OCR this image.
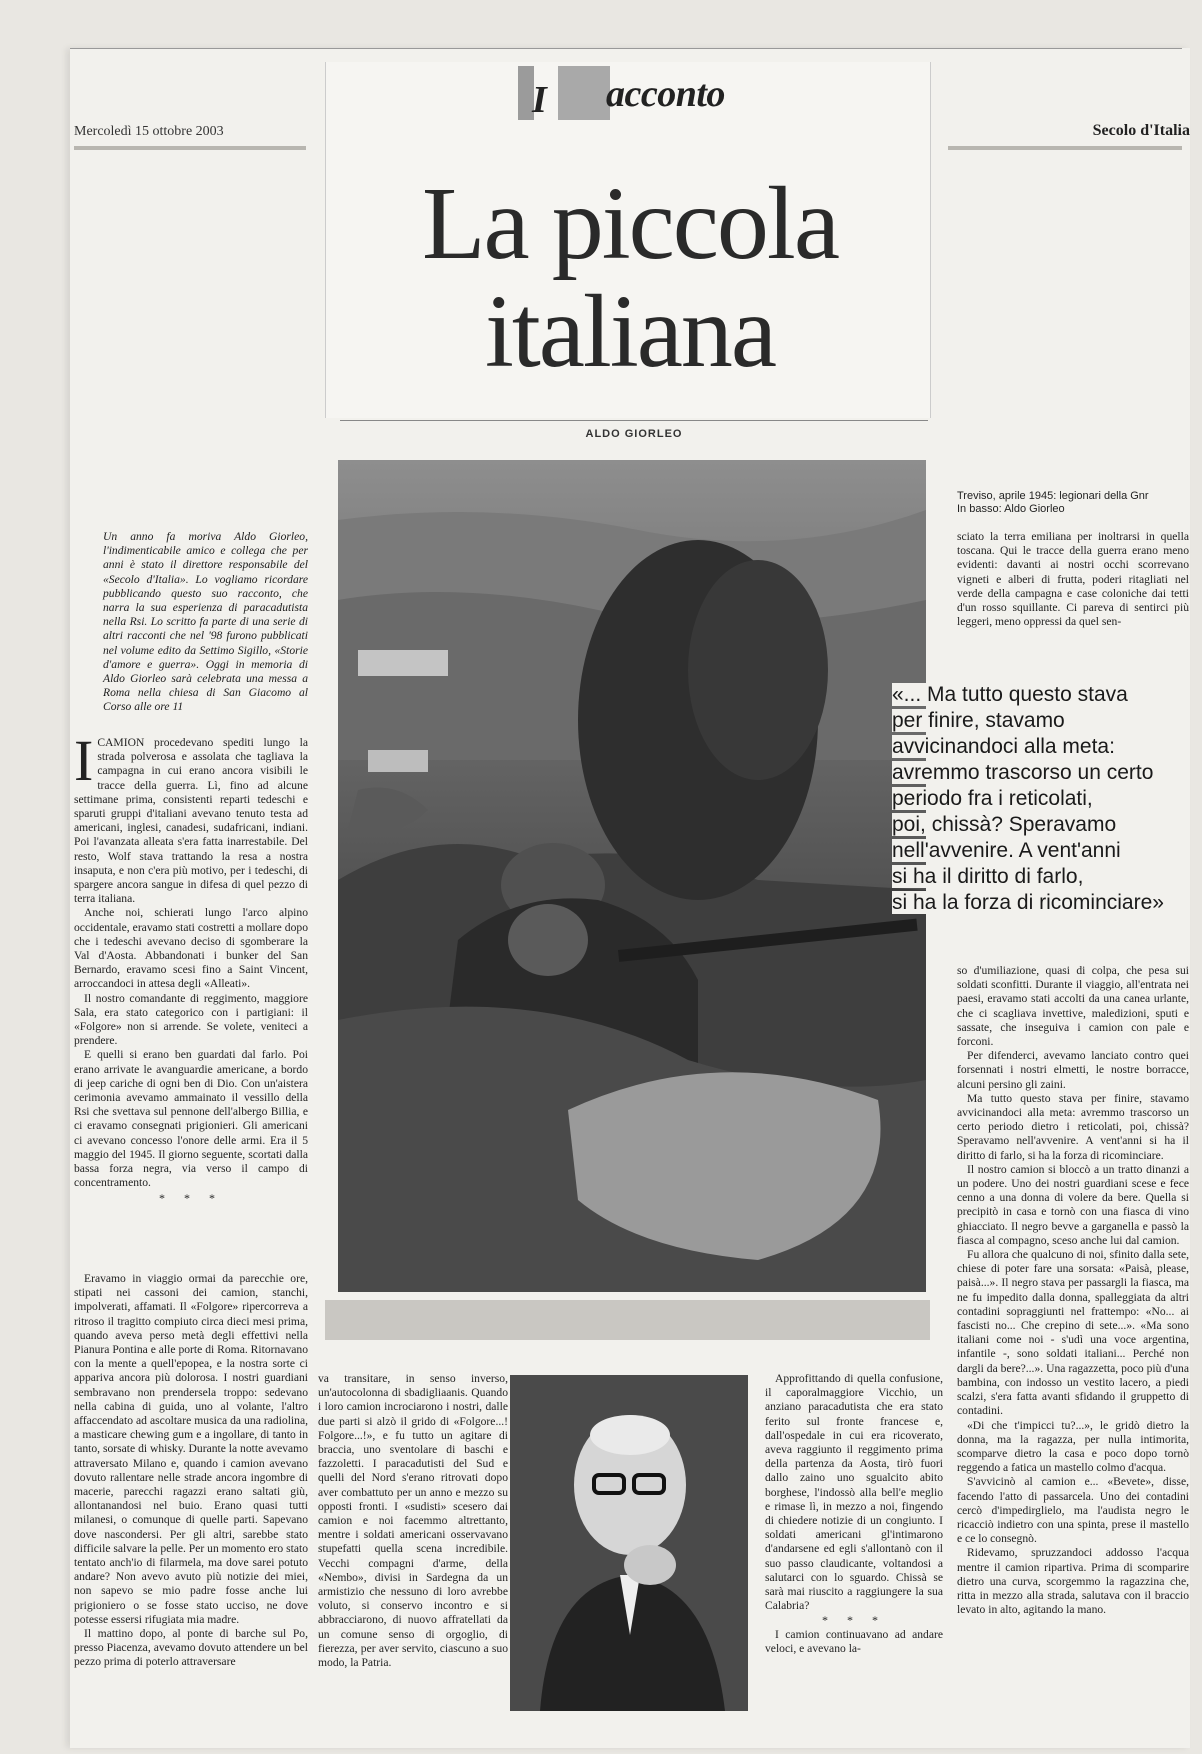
Mercoledì 15 ottobre 2003	Secolo d'Italia
I acconto
La piccola italiana
ALDO GIORLEO
Treviso, aprile 1945: legionari della Gnr
In basso: Aldo Giorleo
Un anno fa moriva Aldo Giorleo, l'indimenticabile amico e collega che per anni è stato il direttore responsabile del «Secolo d'Italia». Lo vogliamo ricordare pubblicando questo suo racconto, che narra la sua esperienza di paracadutista nella Rsi. Lo scritto fa parte di una serie di altri racconti che nel '98 furono pubblicati nel volume edito da Settimo Sigillo, «Storie d'amore e guerra». Oggi in memoria di Aldo Giorleo sarà celebrata una messa a Roma nella chiesa di San Giacomo al Corso alle ore 11
I CAMION procedevano spediti lungo la strada polverosa e assolata che tagliava la campagna in cui erano ancora visibili le tracce della guerra. Lì, fino ad alcune settimane prima, consistenti reparti tedeschi e sparuti gruppi d'italiani avevano tenuto testa ad americani, inglesi, canadesi, sudafricani, indiani. Poi l'avanzata alleata s'era fatta inarrestabile. Del resto, Wolf stava trattando la resa a nostra insaputa, e non c'era più motivo, per i tedeschi, di spargere ancora sangue in difesa di quel pezzo di terra italiana.

Anche noi, schierati lungo l'arco alpino occidentale, eravamo stati costretti a mollare dopo che i tedeschi avevano deciso di sgomberare la Val d'Aosta. Abbandonati i bunker del San Bernardo, eravamo scesi fino a Saint Vincent, arroccandoci in attesa degli «Alleati».

Il nostro comandante di reggimento, maggiore Sala, era stato categorico con i partigiani: il «Folgore» non si arrende. Se volete, veniteci a prendere.

E quelli si erano ben guardati dal farlo. Poi erano arrivate le avanguardie americane, a bordo di jeep cariche di ogni ben di Dio. Con un'aistera cerimonia avevamo ammainato il vessillo della Rsi che svettava sul pennone dell'albergo Billia, e ci eravamo consegnati prigionieri. Gli americani ci avevano concesso l'onore delle armi. Era il 5 maggio del 1945. Il giorno seguente, scortati dalla bassa forza negra, via verso il campo di concentramento.

* * *

Eravamo in viaggio ormai da parecchie ore, stipati nei cassoni dei camion, stanchi, impolverati, affamati. Il «Folgore» ripercorreva a ritroso il tragitto compiuto circa dieci mesi prima, quando aveva perso metà degli effettivi nella Pianura Pontina e alle porte di Roma. Ritornavano con la mente a quell'epopea, e la nostra sorte ci appariva ancora più dolorosa. I nostri guardiani sembravano non prendersela troppo: sedevano nella cabina di guida, uno al volante, l'altro affaccendato ad ascoltare musica da una radiolina, a masticare chewing gum e a ingollare, di tanto in tanto, sorsate di whisky. Durante la notte avevamo attraversato Milano e, quando i camion avevano dovuto rallentare nelle strade ancora ingombre di macerie, parecchi ragazzi erano saltati giù, allontanandosi nel buio. Erano quasi tutti milanesi, o comunque di quelle parti. Sapevano dove nascondersi. Per gli altri, sarebbe stato difficile salvare la pelle. Per un momento ero stato tentato anch'io di filarmela, ma dove sarei potuto andare? Non avevo avuto più notizie dei miei, non sapevo se mio padre fosse anche lui prigioniero o se fosse stato ucciso, ne dove potesse essersi rifugiata mia madre.

Il mattino dopo, al ponte di barche sul Po, presso Piacenza, avevamo dovuto attendere un bel pezzo prima di poterlo attraversare

va transitare, in senso inverso, un'autocolonna di sbadigliaanis. Quando i loro camion incrociarono i nostri, dalle due parti si alzò il grido di «Folgore...! Folgore...!», e fu tutto un agitare di braccia, uno sventolare di baschi e fazzoletti. I paracadutisti del Sud e quelli del Nord s'erano ritrovati dopo aver combattuto per un anno e mezzo su opposti fronti. I «sudisti» scesero dai camion e noi facemmo altrettanto, mentre i soldati americani osservavano stupefatti quella scena incredibile. Vecchi compagni d'arme, della «Nembo», divisi in Sardegna da un armistizio che nessuno di loro avrebbe voluto, si conservo incontro e si abbracciarono, di nuovo affratellati da un comune senso di orgoglio, di fierezza, per aver servito, ciascuno a suo modo, la Patria.

Approfittando di quella confusione, il caporalmaggiore Vicchio, un anziano paracadutista che era stato ferito sul fronte francese e, dall'ospedale in cui era ricoverato, aveva raggiunto il reggimento prima della partenza da Aosta, tirò fuori dallo zaino uno sgualcito abito borghese, l'indossò alla bell'e meglio e rimase lì, in mezzo a noi, fingendo di chiedere notizie di un congiunto. I soldati americani gl'intimarono d'andarsene ed egli s'allontanò con il suo passo claudicante, voltandosi a salutarci con lo sguardo. Chissà se sarà mai riuscito a raggiungere la sua Calabria?

* * *

I camion continuavano ad andare veloci, e avevano la-

sciato la terra emiliana per inoltrarsi in quella toscana. Qui le tracce della guerra erano meno evidenti: davanti ai nostri occhi scorrevano vigneti e alberi di frutta, poderi ritagliati nel verde della campagna e case coloniche dai tetti d'un rosso squillante. Ci pareva di sentirci più leggeri, meno oppressi da quel sen-

«... Ma tutto questo stava
per finire, stavamo
avvicinandoci alla meta:
avremmo trascorso un certo
periodo fra i reticolati,
poi, chissà? Speravamo
nell'avvenire. A vent'anni
si ha il diritto di farlo,
si ha la forza di ricominciare»

so d'umiliazione, quasi di colpa, che pesa sui soldati sconfitti. Durante il viaggio, all'entrata nei paesi, eravamo stati accolti da una canea urlante, che ci scagliava invettive, maledizioni, sputi e sassate, che inseguiva i camion con pale e forconi.

Per difenderci, avevamo lanciato contro quei forsennati i nostri elmetti, le nostre borracce, alcuni persino gli zaini.

Ma tutto questo stava per finire, stavamo avvicinandoci alla meta: avremmo trascorso un certo periodo dietro i reticolati, poi, chissà? Speravamo nell'avvenire. A vent'anni si ha il diritto di farlo, si ha la forza di ricominciare.

Il nostro camion si bloccò a un tratto dinanzi a un podere. Uno dei nostri guardiani scese e fece cenno a una donna di volere da bere. Quella si precipitò in casa e tornò con una fiasca di vino ghiacciato. Il negro bevve a garganella e passò la fiasca al compagno, sceso anche lui dal camion.

Fu allora che qualcuno di noi, sfinito dalla sete, chiese di poter fare una sorsata: «Paisà, please, paisà...». Il negro stava per passargli la fiasca, ma ne fu impedito dalla donna, spalleggiata da altri contadini sopraggiunti nel frattempo: «No... ai fascisti no... Che crepino di sete...». «Ma sono italiani come noi - s'udì una voce argentina, infantile -, sono soldati italiani... Perché non dargli da bere?...». Una ragazzetta, poco più d'una bambina, con indosso un vestito lacero, a piedi scalzi, s'era fatta avanti sfidando il gruppetto di contadini.

«Di che t'impicci tu?...», le gridò dietro la donna, ma la ragazza, per nulla intimorita, scomparve dietro la casa e poco dopo tornò reggendo a fatica un mastello colmo d'acqua.

S'avvicinò al camion e... «Bevete», disse, facendo l'atto di passarcela. Uno dei contadini cercò d'impedirglielo, ma l'audista negro le ricacciò indietro con una spinta, prese il mastello e ce lo consegnò.

Ridevamo, spruzzandoci addosso l'acqua mentre il camion ripartiva. Prima di scomparire dietro una curva, scorgemmo la ragazzina che, ritta in mezzo alla strada, salutava con il braccio levato in alto, agitando la mano.
